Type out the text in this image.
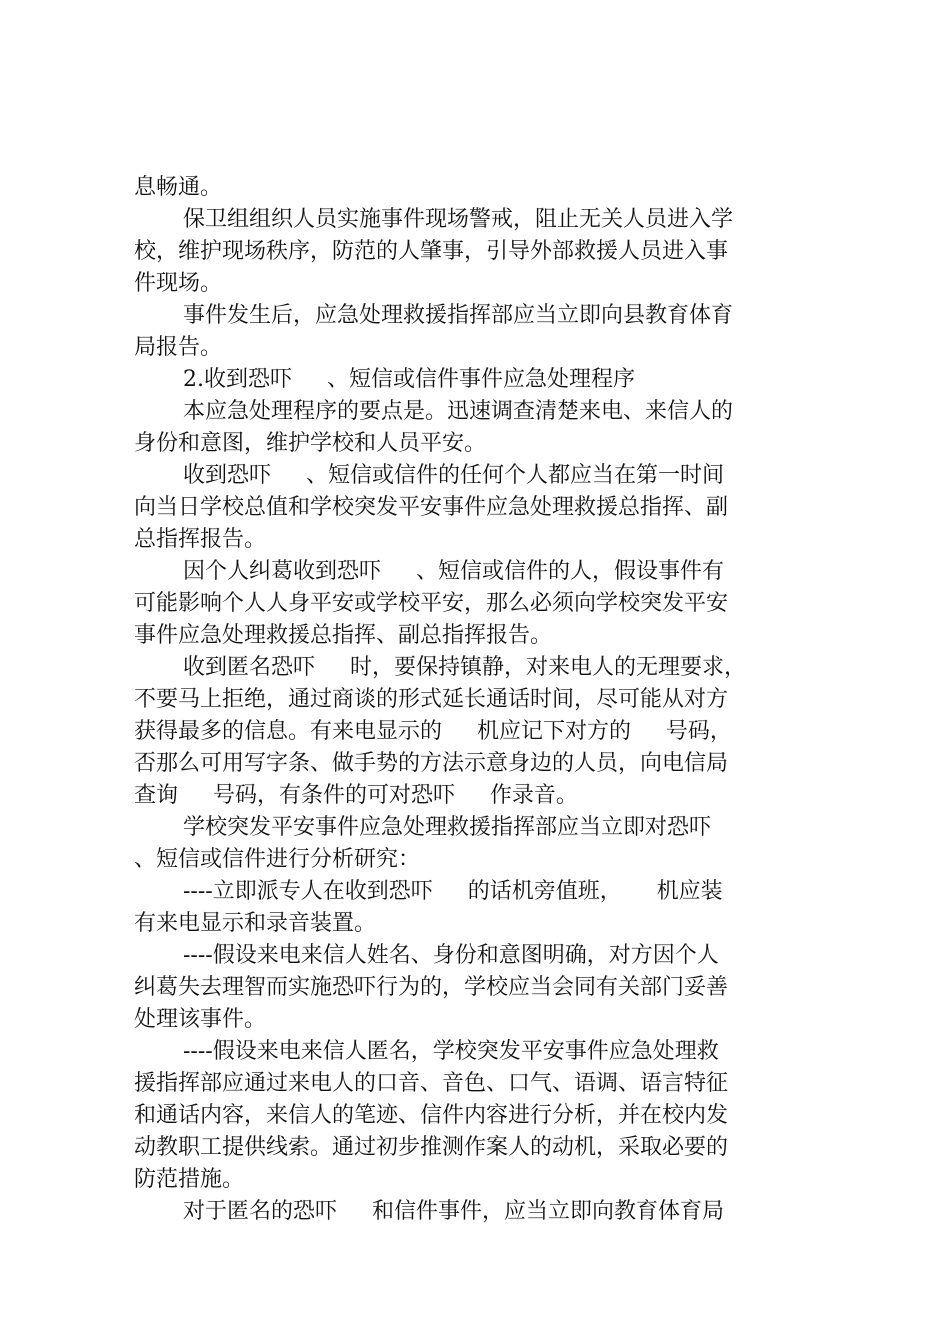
息畅通。
保卫组组织人员实施事件现场警戒，阻止无关人员进入学
校，维护现场秩序，防范的人肇事，引导外部救援人员进入事
件现场。
事件发生后，应急处理救援指挥部应当立即向县教育体育
局报告。
2.收到恐吓     、短信或信件事件应急处理程序
本应急处理程序的要点是。迅速调查清楚来电、来信人的
身份和意图，维护学校和人员平安。
收到恐吓     、短信或信件的任何个人都应当在第一时间
向当日学校总值和学校突发平安事件应急处理救援总指挥、副
总指挥报告。
因个人纠葛收到恐吓     、短信或信件的人，假设事件有
可能影响个人人身平安或学校平安，那么必须向学校突发平安
事件应急处理救援总指挥、副总指挥报告。
收到匿名恐吓     时，要保持镇静，对来电人的无理要求，
不要马上拒绝，通过商谈的形式延长通话时间，尽可能从对方
获得最多的信息。有来电显示的     机应记下对方的     号码，
否那么可用写字条、做手势的方法示意身边的人员，向电信局
查询     号码，有条件的可对恐吓     作录音。
学校突发平安事件应急处理救援指挥部应当立即对恐吓
、短信或信件进行分析研究：
----立即派专人在收到恐吓     的话机旁值班，     机应装
有来电显示和录音装置。
----假设来电来信人姓名、身份和意图明确，对方因个人
纠葛失去理智而实施恐吓行为的，学校应当会同有关部门妥善
处理该事件。
----假设来电来信人匿名，学校突发平安事件应急处理救
援指挥部应通过来电人的口音、音色、口气、语调、语言特征
和通话内容，来信人的笔迹、信件内容进行分析，并在校内发
动教职工提供线索。通过初步推测作案人的动机，采取必要的
防范措施。
对于匿名的恐吓     和信件事件，应当立即向教育体育局
